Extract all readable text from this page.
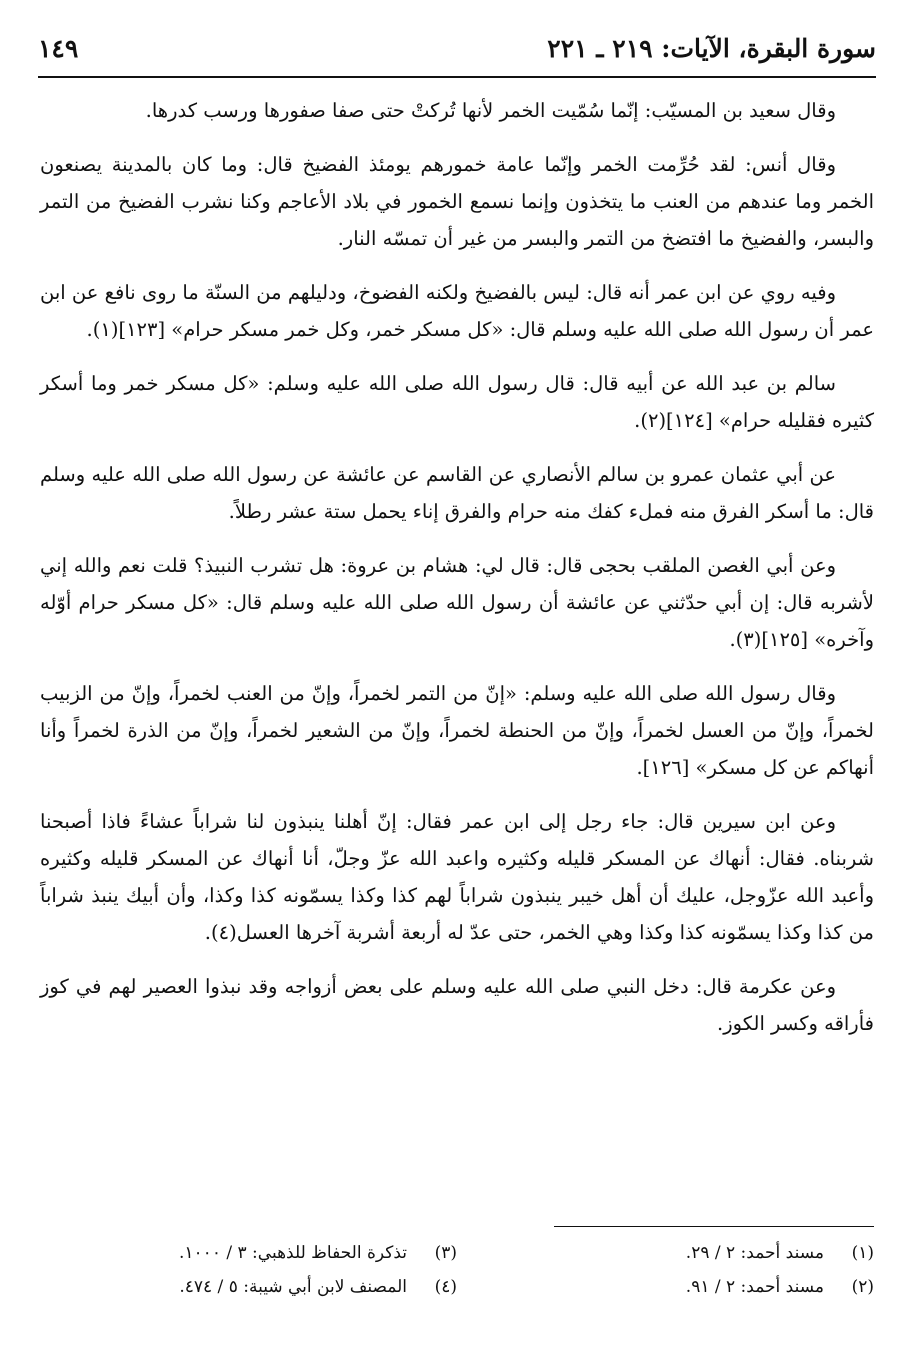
سورة البقرة، الآيات: ٢١٩ ـ ٢٢١
١٤٩

وقال سعيد بن المسيّب: إنّما سُمّيت الخمر لأنها تُركتْ حتى صفا صفورها ورسب كدرها.

وقال أنس: لقد حُرِّمت الخمر وإنّما عامة خمورهم يومئذ الفضيخ قال: وما كان بالمدينة يصنعون الخمر وما عندهم من العنب ما يتخذون وإنما نسمع الخمور في بلاد الأعاجم وكنا نشرب الفضيخ من التمر والبسر، والفضيخ ما افتضخ من التمر والبسر من غير أن تمسّه النار.

وفيه روي عن ابن عمر أنه قال: ليس بالفضيخ ولكنه الفضوخ، ودليلهم من السنّة ما روى نافع عن ابن عمر أن رسول الله صلى الله عليه وسلم قال: «كل مسكر خمر، وكل خمر مسكر حرام» [١٢٣](١).

سالم بن عبد الله عن أبيه قال: قال رسول الله صلى الله عليه وسلم: «كل مسكر خمر وما أسكر كثيره فقليله حرام» [١٢٤](٢).

عن أبي عثمان عمرو بن سالم الأنصاري عن القاسم عن عائشة عن رسول الله صلى الله عليه وسلم قال: ما أسكر الفرق منه فملء كفك منه حرام والفرق إناء يحمل ستة عشر رطلاً.

وعن أبي الغصن الملقب بحجى قال: قال لي: هشام بن عروة: هل تشرب النبيذ؟ قلت نعم والله إني لأشربه قال: إن أبي حدّثني عن عائشة أن رسول الله صلى الله عليه وسلم قال: «كل مسكر حرام أوّله وآخره» [١٢٥](٣).

وقال رسول الله صلى الله عليه وسلم: «إنّ من التمر لخمراً، وإنّ من العنب لخمراً، وإنّ من الزبيب لخمراً، وإنّ من العسل لخمراً، وإنّ من الحنطة لخمراً، وإنّ من الشعير لخمراً، وإنّ من الذرة لخمراً وأنا أنهاكم عن كل مسكر» [١٢٦].

وعن ابن سيرين قال: جاء رجل إلى ابن عمر فقال: إنّ أهلنا ينبذون لنا شراباً عشاءً فاذا أصبحنا شربناه. فقال: أنهاك عن المسكر قليله وكثيره واعبد الله عزّ وجلّ، أنا أنهاك عن المسكر قليله وكثيره وأعبد الله عزّوجل، عليك أن أهل خيبر ينبذون شراباً لهم كذا وكذا يسمّونه كذا وكذا، وأن أبيك ينبذ شراباً من كذا وكذا يسمّونه كذا وكذا وهي الخمر، حتى عدّ له أربعة أشربة آخرها العسل(٤).

وعن عكرمة قال: دخل النبي صلى الله عليه وسلم على بعض أزواجه وقد نبذوا العصير لهم في كوز فأراقه وكسر الكوز.

(١)مسند أحمد: ٢ / ٢٩.
(٢)مسند أحمد: ٢ / ٩١.
(٣)تذكرة الحفاظ للذهبي: ٣ / ١٠٠٠.
(٤)المصنف لابن أبي شيبة: ٥ / ٤٧٤.
